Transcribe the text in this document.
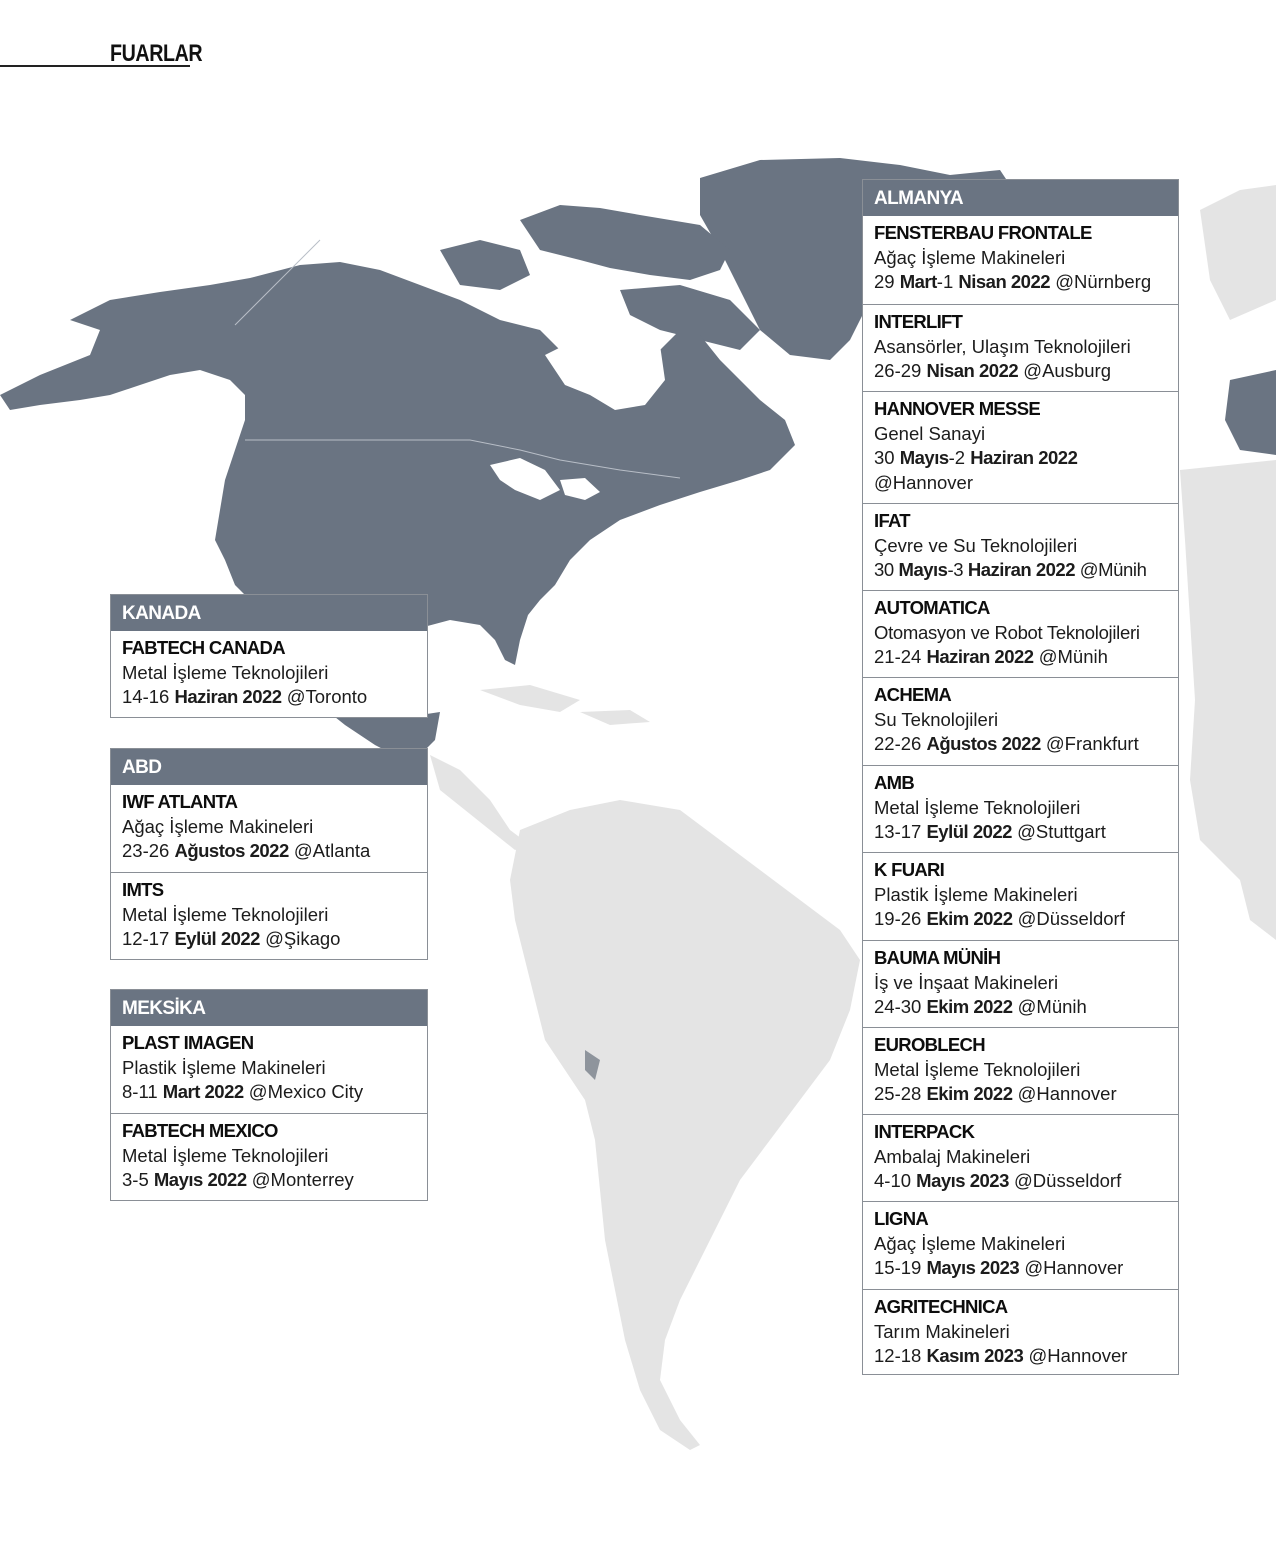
FUARLAR
KANADA
FABTECH CANADA
Metal İşleme Teknolojileri
14-16 Haziran 2022 @Toronto
ABD
IWF ATLANTA
Ağaç İşleme Makineleri
23-26 Ağustos 2022 @Atlanta
IMTS
Metal İşleme Teknolojileri
12-17 Eylül 2022 @Şikago
MEKSİKA
PLAST IMAGEN
Plastik İşleme Makineleri
8-11 Mart 2022 @Mexico City
FABTECH MEXICO
Metal İşleme Teknolojileri
3-5 Mayıs 2022 @Monterrey
ALMANYA
FENSTERBAU FRONTALE
Ağaç İşleme Makineleri
29 Mart-1 Nisan 2022 @Nürnberg
INTERLIFT
Asansörler, Ulaşım Teknolojileri
26-29 Nisan 2022 @Ausburg
HANNOVER MESSE
Genel Sanayi
30 Mayıs-2 Haziran 2022
@Hannover
IFAT
Çevre ve Su Teknolojileri
30 Mayıs-3 Haziran 2022 @Münih
AUTOMATICA
Otomasyon ve Robot Teknolojileri
21-24 Haziran 2022 @Münih
ACHEMA
Su Teknolojileri
22-26 Ağustos 2022 @Frankfurt
AMB
Metal İşleme Teknolojileri
13-17 Eylül 2022 @Stuttgart
K FUARI
Plastik İşleme Makineleri
19-26 Ekim 2022 @Düsseldorf
BAUMA MÜNİH
İş ve İnşaat Makineleri
24-30 Ekim 2022 @Münih
EUROBLECH
Metal İşleme Teknolojileri
25-28 Ekim 2022 @Hannover
INTERPACK
Ambalaj Makineleri
4-10 Mayıs 2023 @Düsseldorf
LIGNA
Ağaç İşleme Makineleri
15-19 Mayıs 2023 @Hannover
AGRITECHNICA
Tarım Makineleri
12-18 Kasım 2023 @Hannover
